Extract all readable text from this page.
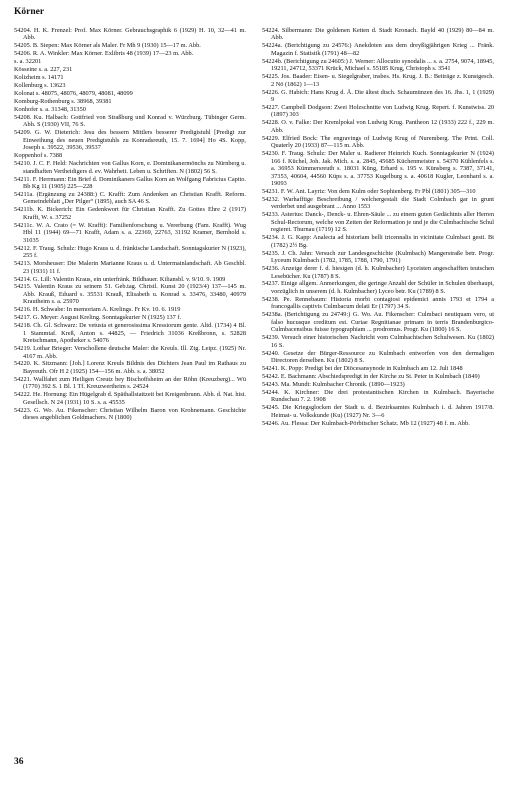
Körner
54204. H. K. Frenzel: Prof. Max Körner. Gebrauchsgraphik 6 (1929) H. 10, 32—41 m. Abb.
54205. B. Siepen: Max Körner als Maler. Fr Mh 9 (1930) 15—17 m. Abb.
54206. R. A. Winkler: Max Körner. Exlibris 48 (1939) 17—23 m. Abb.
s. a. 32201
Kösseine s. a. 227, 231
Kolizheim s. 14171
Kollenburg s. 13623
Kolonat s. 48075, 48076, 48079, 48081, 48099
Komburg-Rothenburg s. 38968, 39381
Konhofer s. a. 31348, 31350
54208. Ku. Halbach: Gottfried von Straßburg und Konrad v. Würzburg. Tübinger Germ. Abh. S (1930) VII, 76 S.
54209. G. W. Dieterich: Jesu des bessern Mittlers besserer Predigtstuhl [Predigt zur Einweihung des neuen Predigtstuhls zu Konradsreuth, 15. 7. 1694] Ho 4S. Kopp, Joseph s. 39522, 39536, 39537
Koppenhof s. 7388
54210. J. C. F. Held: Nachrichten von Gallus Korn, e. Dominikanermönchs zu Nürnberg u. standhaften Vertheidigers d. ev. Wahrheit. Leben u. Schriften. N (1802) 56 S.
54211. F. Herrmann: Ein Brief d. Dominikaners Gallus Korn an Wolfgang Fabricius Capito. Bb Kg 11 (1905) 225—228
54211a. (Ergänzung zu 24388:) C. Krafft: Zum Andenken an Christian Krafft. Reform. Gemeindeblatt „Der Pilger“ (1895), auch SA 46 S.
54211b. K. Bickerich: Ein Gedenkwort für Christian Krafft. Zu Gottes Ehre 2 (1917) Krafft, W. s. 37252
54211c. W. A. Crato (= W. Krafft): Familienforschung u. Vererbung (Fam. Krafft). Wug Hbl 11 (1944) 69—71 Krafft, Adam s. a. 22369, 22763, 31192 Kramer, Bernhold s. 31035
54212. F. Traug. Schulz: Hugo Kraus u. d. fränkische Landschaft. Sonntagskurier N (1923), 255 f.
54213. Morsheuser: Die Malerin Marianne Kraus u. d. Untermainlandschaft. Ab Geschbl. 23 (1931) 11 f.
54214. G. Lill: Valentin Kraus, ein unterfränk. Bildhauer. Kiliansbl. v. 9/10. 9. 1909
54215. Valentin Kraus zu seinem 51. Geb.tag. Christl. Kunst 20 (1923/4) 137—145 m. Abb. Krauß, Eduard s. 35531 Krauß, Elisabeth u. Konrad s. 33476, 33480, 40979 Krautheim s. a. 25970
54216. H. Schwabe: In memoriam A. Krelings. Fr Kv. 10. 6. 1919
54217. G. Meyer: August Kreling. Sonntagskurier N (1925) 137 f.
54218. Ch. Gl. Schwarz: De vetusta et generosissima Kressiorum gente. Altd. (1734) 4 Bl. 1 Stammtaf. Kreß, Anton s. 44825, — Friedrich 31036 Kreßbronn, s. 52828 Kretschmann, Apotheker s. 54076
54219. Lothar Brieger: Verschollene deutsche Maler: die Kreuls. Ill. Ztg. Leipz. (1925) Nr. 4167 m. Abb.
54220. K. Sitzmann: [Joh.] Lorenz Kreuls Bildnis des Dichters Jean Paul im Rathaus zu Bayreuth. Ofr H 2 (1925) 154—156 m. Abb. s. a. 38052
54221. Wallfahrt zum Heiligen Creutz bey Bischoffsheim an der Röhn (Kreuzberg)... Wü (1770) 392 S. 1 Bl. 1 Tf. Kreuzwertheim s. 24524
54222. He. Hornung: Ein Hügelgrab d. Späthallstattzeit bei Kreigenbrunn. Abh. d. Nat. hist. Gesellsch. N 24 (1931) 10 S. s. a. 45535
54223. G. Wo. Au. Fikenscher: Christian Wilhelm Baron von Krohnemann. Geschichte dieses angeblichen Goldmachers. N (1800)
54224. Silbermann: Die goldenen Ketten d. Stadt Kronach. Bayld 40 (1929) 80—84 m. Abb.
54224a. (Berichtigung zu 24576:) Anekdoten aus dem dreyßigjährigen Krieg ... Fränk. Magazin f. Statistik (1791) 48—82
54224b. (Berichtigung zu 24605:) J. Werner: Allocutio synodalis ... s. a. 2754, 9074, 18945, 19211, 24712, 53371 Krück, Michael s. 55185 Krug, Christoph s. 3541
54225. Jos. Baader: Eisen- u. Siegelgraber, insbes. Hs. Krug. J. B.: Beiträge z. Kunstgesch. 2 Nö (1862) 1—13
54226. G. Habich: Hans Krug d. Ä. Die ältest dtsch. Schaumünzen des 16. Jhs. 1, 1 (1929) 9
54227. Campbell Dodgson: Zwei Holzschnitte von Ludwig Krug. Repert. f. Kunstwiss. 20 (1897) 303
54228. O. v. Falke: Der Kremlpokal von Ludwig Krug. Pantheon 12 (1933) 222 f., 229 m. Abb.
54229. Elfried Bock: The engravings of Ludwig Krug of Nuremberg. The Print. Coll. Quaterly 20 (1933) 87—115 m. Abb.
54230. F. Traug. Schulz: Der Maler u. Radierer Heinrich Kuch. Sonntagskurier N (1924) 166 f. Küchel, Joh. Jak. Mich. s. a. 2845, 45685 Küchenmeister s. 54370 Kühlenfels s. a. 36953 Kümmersreuth s. 18031 Küng, Erhard s. 195 v. Künsberg s. 7387, 37141, 37353, 40604, 44560 Küps s. a. 37753 Kugelburg s. a. 40618 Kugler, Leonhard s. a. 19093
54231. F. W. Ant. Layriz: Von dem Kulm oder Sophienberg. Fr Pbl (1801) 305—310
54232. Warhafftige Beschreibung / welchergestalt die Stadt Colmbach gar in grunt verderbet und ausgebrant ... Anno 1553
54233. Asterius: Danck-, Denck- u. Ehren-Säule ... zu einem guten Gedächtnis aller Herren Schul-Rectorum, welche von Zeiten der Reformation je und je die Culmbachische Schul regieret. Thurnau (1719) 12 S.
54234. J. G. Kapp: Analecta ad historiam belli tricennalis in vicinitate Culmbaci gesti. Bt (1782) 2½ Bg.
54235. J. Ch. Jahn: Versuch zur Landesgeschichte (Kulmbach) Mangerstraße betr. Progr. Lyceum Kulmbach (1782, 1785, 1788, 1790, 1791)
54236. Anzeige derer f. d. hiesigen (d. h. Kulmbacher) Lyceisten angeschafften teutschen Lesebücher. Ku (1787) 8 S.
54237. Einige allgem. Anmerkungen, die geringe Anzahl der Schüler in Schulen überhaupt, vorzüglich in unserem (d. h. Kulmbacher) Lyceo betr. Ku (1789) 8 S.
54238. Pe. Rennebaum: Historia morbi contagiosi epidemici annis 1793 et 1794 a francogallis captivis Culmbacum delati Er (1797) 34 S.
54238a. (Berichtigung zu 24749:) G. Wo. Au. Fikenscher: Culmbaci neutiquam vero, ut falso hucusque creditum est. Curiae Regnitianae primam in terris Brandenburgico-Culmbacensibus fuisse typographiam ... prodromus. Progr. Ku (1800) 16 S.
54239. Versuch einer historischen Nachricht vom Culmbachischen Schulwesen. Ku (1802) 16 S.
54240. Gesetze der Bürger-Ressource zu Kulmbach entworfen von den dermaligen Directoren derselben. Ku (1802) 8 S.
54241. K. Popp: Predigt bei der Diöcesansynode in Kulmbach am 12. Juli 1848
54242. E. Bachmann: Abschiedspredigt in der Kirche zu St. Peter in Kulmbach (1849)
54243. Ma. Mundt: Kulmbacher Chronik. (1890—1923)
54244. K. Kirchner: Die drei protestantischen Kirchen in Kulmbach. Bayerische Rundschau 7. 2. 1908
54245. Die Kriegsglocken der Stadt u. d. Bezirksamtes Kulmbach i. d. Jahren 1917/8. Heimat- u. Volkskunde (Ku) (1927) Nr. 3—6
54246. Au. Flessa: Der Kulmbach-Pörbitscher Schatz. Mb 12 (1927) 48 f. m. Abb.
36
